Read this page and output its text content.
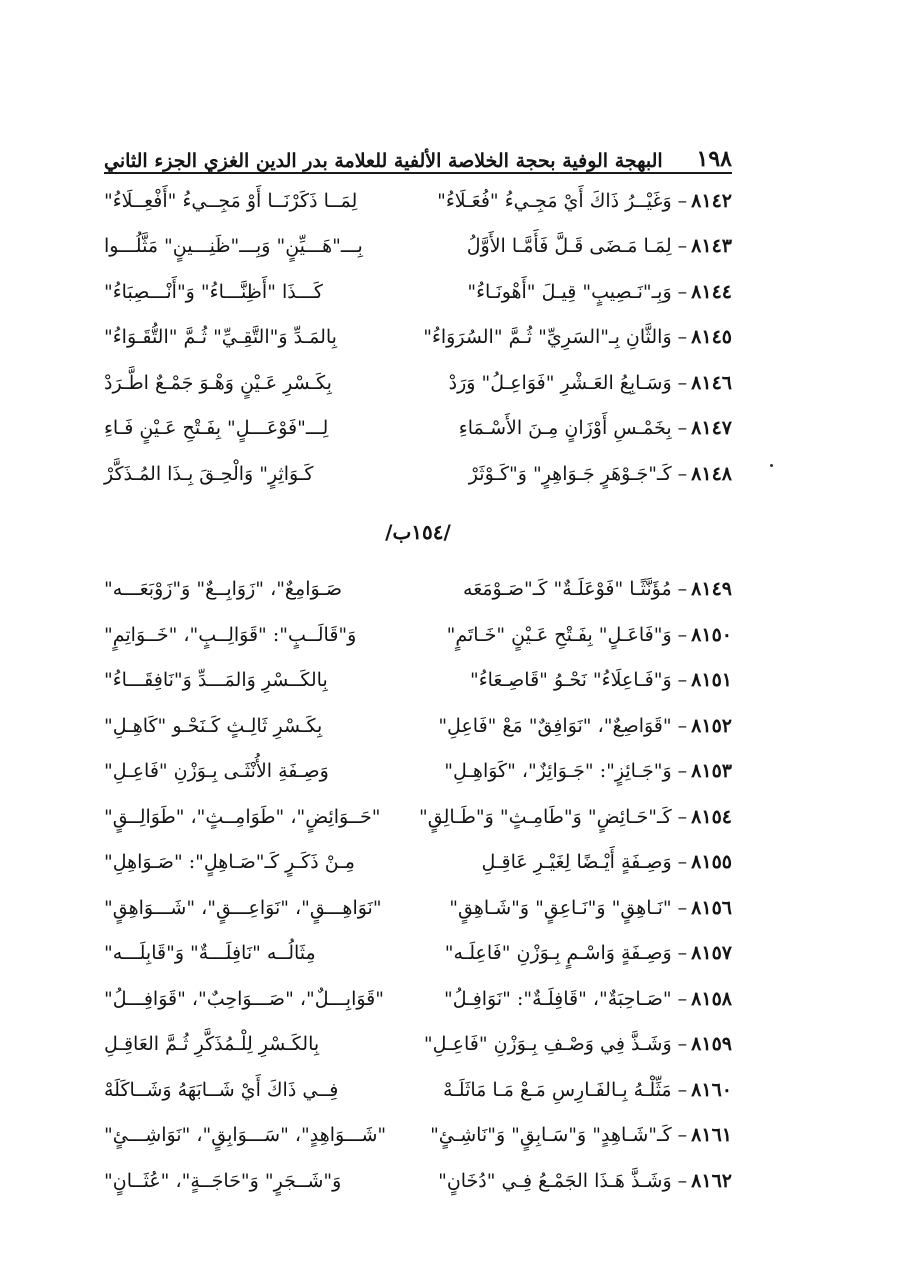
١٩٨
البهجة الوفية بحجة الخلاصة الألفية للعلامة بدر الدين الغزي الجزء الثاني
٨١٤٢
–
وَغَيْــرُ ذَاكَ أَيْ مَجِـيءُ "فُعَـلَاءُ"
لِمَــا ذَكَرْنَــا أَوْ مَجِــيءُ "أَفْعِــلَاءُ"
٨١٤٣
–
لِمَـا مَـضَى قَـلَّ فَأَمَّـا الأَوَّلُ
بِـــ"هَـــيِّنٍ" وَبِـــ"ظَنِـــينٍ" مَثَّلُـــوا
٨١٤٤
–
وَبِـ"نَـصِيبٍ" قِيـلَ "أَهْونَـاءُ"
كَـــذَا "أَظِنَّـــاءُ" وَ"أَنْـــصِبَاءُ"
٨١٤٥
–
وَالثَّانِ بِـ"السَرِيِّ" ثُـمَّ "السُرَوَاءُ"
بِالمَـدِّ وَ"التَّقِـيِّ" ثُـمَّ "التُّقَـوَاءُ"
٨١٤٦
–
وَسَـابِعُ العَـشْرِ "فَوَاعِـلُ" وَرَدْ
بِكَـسْرِ عَـيْنٍ وَهْـوَ جَمْـعٌ اطَّـرَدْ
٨١٤٧
–
بِخَمْـسِ أَوْزَانٍ مِـنَ الأَسْـمَاءِ
لِـــ"فَوْعَـــلٍ" بِفَـتْحِ عَـيْنٍ فَـاءِ
٨١٤٨
–
كَـ"جَـوْهَرٍ جَـوَاهِرٍ" وَ"كَـوْثَرْ
كَـوَاثِرٍ" وَالْحِـقَ بِـذَا المُـذَكَّرْ
/١٥٤ب/
٨١٤٩
–
مُؤَنَّثًـا "فَوْعَلَـةٌ" كَـ"صَـوْمَعَه
صَـوَامِعٌ"، "زَوَابِــعٌ" وَ"زَوْبَعَـــه"
٨١٥٠
–
وَ"فَاعَـلٍ" بِفَـتْحِ عَـيْنٍ "خَـاتَمٍ"
وَ"قَالَــبٍ": "قَوَالِــبٍ"، "خَــوَاتِمٍ"
٨١٥١
–
وَ"فَـاعِلَاءُ" نَحْـوُ "قَاصِـعَاءُ"
بِالكَــسْرِ وَالمَـــدِّ وَ"نَافِقَـــاءُ"
٨١٥٢
–
"قَوَاصِعٌ"، "نَوَافِقٌ" مَعْ "فَاعِلِ"
بِكَـسْرِ ثَالِـثٍ كَـنَحْـو "كَاهِـلِ"
٨١٥٣
–
وَ"جَـائِزٍ": "جَـوَائِزٌ"، "كَوَاهِـلِ"
وَصِـفَةِ الأُنْثَـى بِـوَزْنِ "فَاعِـلِ"
٨١٥٤
–
كَـ"حَـائِضٍ" وَ"طَامِـثٍ" وَ"طَـالِقٍ"
"حَــوَائِضٍ"، "طَوَامِــثٍ"، "طَوَالِــقٍ"
٨١٥٥
–
وَصِـفَةٍ أَيْـضًا لِغَيْـرِ عَاقِـلِ
مِـنْ ذَكَـرٍ كَـ"صَـاهِلٍ": "صَـوَاهِلِ"
٨١٥٦
–
"نَـاهِقٍ" وَ"نَـاعِقٍ" وَ"شَـاهِقٍ"
"نَوَاهِـــقٍ"، "نَوَاعِـــقٍ"، "شَـــوَاهِقٍ"
٨١٥٧
–
وَصِـفَةٍ وَاسْـمٍ بِـوَزْنِ "فَاعِلَـه"
مِثَالُــه "نَافِلَـــةٌ" وَ"قَابِلَـــه"
٨١٥٨
–
"صَـاحِبَةٌ"، "قَافِلَـةٌ": "نَوَافِـلُ"
"قَوَابِـــلٌ"، "صَـــوَاحِبٌ"، "قَوَافِـــلُ"
٨١٥٩
–
وَشَـذَّ فِي وَصْـفِ بِـوَزْنِ "فَاعِـلِ"
بِالكَـسْرِ لِلْـمُذَكَّرِ ثُـمَّ العَاقِـلِ
٨١٦٠
–
مَثِّلْـهُ بِـالفَـارِسِ مَـعْ مَـا مَاثَلَـهْ
فِــي ذَاكَ أَيْ شَــابَهَهُ وَشَــاكَلَهْ
٨١٦١
–
كَـ"شَـاهِدٍ" وَ"سَـابِقٍ" وَ"نَاشِـئٍ"
"شَـــوَاهِدٍ"، "سَـــوَابِقٍ"، "نَوَاشِـــئٍ"
٨١٦٢
–
وَشَـذَّ هَـذَا الجَمْـعُ فِـي "دُخَانٍ"
وَ"شَــجَرٍ" وَ"حَاجَــةٍ"، "عُثَــانٍ"
